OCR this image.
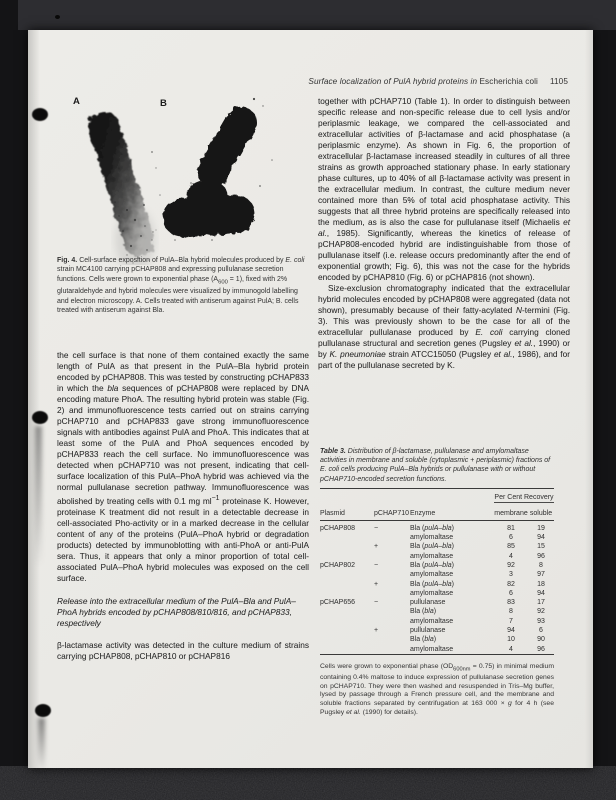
Surface localization of PulA hybrid proteins in Escherichia coli 1105
A	B
Fig. 4. Cell-surface exposition of PulA–Bla hybrid molecules produced by E. coli strain MC4100 carrying pCHAP808 and expressing pullulanase secretion functions. Cells were grown to exponential phase $(A_{600} = 1)$, fixed with 2% glutaraldehyde and hybrid molecules were visualized by immunogold labelling and electron microscopy. A. Cells treated with antiserum against PulA; B. cells treated with antiserum against Bla.

the cell surface is that none of them contained exactly the same length of PulA as that present in the PulA–Bla hybrid protein encoded by pCHAP808. This was tested by constructing pCHAP833 in which the bla sequences of pCHAP808 were replaced by DNA encoding mature PhoA. The resulting hybrid protein was stable (Fig. 2) and immunofluorescence tests carried out on strains carrying pCHAP710 and pCHAP833 gave strong immunofluorescence signals with antibodies against PulA and PhoA. This indicates that at least some of the PulA and PhoA sequences encoded by pCHAP833 reach the cell surface. No immunofluorescence was detected when pCHAP710 was not present, indicating that cell-surface localization of this PulA–PhoA hybrid was achieved via the normal pullulanase secretion pathway. Immunofluorescence was abolished by treating cells with 0.1 mg $ml^{-1}$ proteinase K. However, proteinase K treatment did not result in a detectable decrease in cell-associated Pho-activity or in a marked decrease in the cellular content of any of the proteins (PulA–PhoA hybrid or degradation products) detected by immunoblotting with anti-PhoA or anti-PulA sera. Thus, it appears that only a minor proportion of total cell-associated PulA–PhoA hybrid molecules was exposed on the cell surface.

Release into the extracellular medium of the PulA–Bla and PulA–PhoA hybrids encoded by pCHAP808/810/816, and pCHAP833, respectively

β-lactamase activity was detected in the culture medium of strains carrying pCHAP808, pCHAP810 or pCHAP816

together with pCHAP710 (Table 1). In order to distinguish between specific release and non-specific release due to cell lysis and/or periplasmic leakage, we compared the cell-associated and extracellular activities of β-lactamase and acid phosphatase (a periplasmic enzyme). As shown in Fig. 6, the proportion of extracellular β-lactamase increased steadily in cultures of all three strains as growth approached stationary phase. In early stationary phase cultures, up to 40% of all β-lactamase activity was present in the extracellular medium. In contrast, the culture medium never contained more than 5% of total acid phosphatase activity. This suggests that all three hybrid proteins are specifically released into the medium, as is also the case for pullulanase itself (Michaelis et al., 1985). Significantly, whereas the kinetics of release of pCHAP808-encoded hybrid are indistinguishable from those of pullulanase itself (i.e. release occurs predominantly after the end of exponential growth; Fig. 6), this was not the case for the hybrids encoded by pCHAP810 (Fig. 6) or pCHAP816 (not shown).

Size-exclusion chromatography indicated that the extracellular hybrid molecules encoded by pCHAP808 were aggregated (data not shown), presumably because of their fatty-acylated N-termini (Fig. 3). This was previously shown to be the case for all of the extracellular pullulanase produced by E. coli carrying cloned pullulanase structural and secretion genes (Pugsley et al., 1990) or by K. pneumoniae strain ATCC15050 (Pugsley et al., 1986), and for part of the pullulanase secreted by K.

Table 3. Distribution of β-lactamase, pullulanase and amylomaltase activities in membrane and soluble (cytoplasmic + periplasmic) fractions of E. coli cells producing PulA–Bla hybrids or pullulanase with or without pCHAP710-encoded secretion functions.

			Per Cent Recovery	
Plasmid	pCHAP710	Enzyme	membrane	soluble
pCHAP808	−	Bla (pulA–bla)	81	19
		amylomaltase	6	94
	+	Bla (pulA–bla)	85	15
		amylomaltase	4	96
pCHAP802	−	Bla (pulA–bla)	92	8
		amylomaltase	3	97
	+	Bla (pulA–bla)	82	18
		amylomaltase	6	94
pCHAP656	−	pullulanase	83	17
		Bla (bla)	8	92
		amylomaltase	7	93
	+	pullulanase	94	6
		Bla (bla)	10	90
		amylomaltase	4	96

Cells were grown to exponential phase $(OD_{600nm} = 0.75)$ in minimal medium containing 0.4% maltose to induce expression of pullulanase secretion genes on pCHAP710. They were then washed and resuspended in Tris–Mg buffer, lysed by passage through a French pressure cell, and the membrane and soluble fractions separated by centrifugation at 163 000 × g for 4 h (see Pugsley et al. (1990) for details).
